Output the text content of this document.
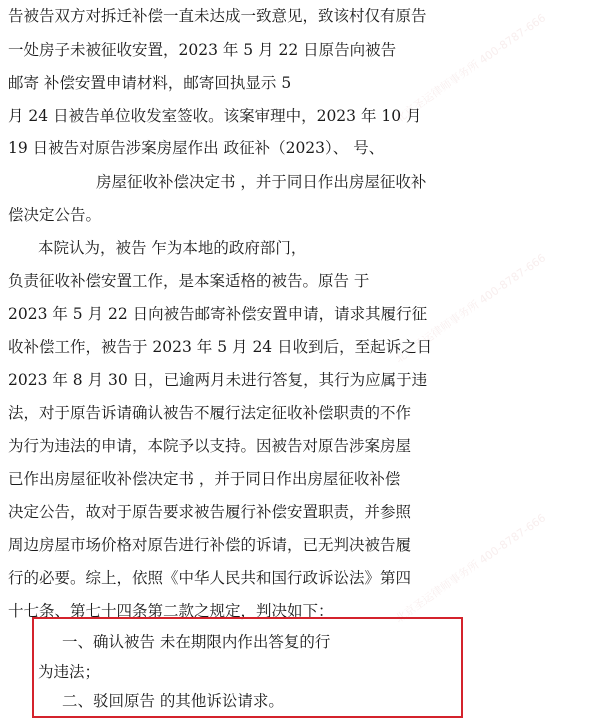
北京圣运律师事务所 400-8787-666
北京圣运律师事务所 400-8787-666
北京圣运律师事务所 400-8787-666
告被告双方对拆迁补偿一直未达成一致意见，致该村仅有原告
一处房子未被征收安置，2023 年 5 月 22 日原告向被告
邮寄 补偿安置申请材料，邮寄回执显示 5
月 24 日被告单位收发室签收。该案审理中，2023 年 10 月
19 日被告对原告涉案房屋作出 政征补（2023）、 号、
房屋征收补偿决定书 ，并于同日作出房屋征收补
偿决定公告。
本院认为，被告 乍为本地的政府部门，
负责征收补偿安置工作，是本案适格的被告。原告 于
2023 年 5 月 22 日向被告邮寄补偿安置申请，请求其履行征
收补偿工作，被告于 2023 年 5 月 24 日收到后，至起诉之日
2023 年 8 月 30 日，已逾两月未进行答复，其行为应属于违
法，对于原告诉请确认被告不履行法定征收补偿职责的不作
为行为违法的申请，本院予以支持。因被告对原告涉案房屋
已作出房屋征收补偿决定书 ，并于同日作出房屋征收补偿
决定公告，故对于原告要求被告履行补偿安置职责，并参照
周边房屋市场价格对原告进行补偿的诉请，已无判决被告履
行的必要。综上，依照《中华人民共和国行政诉讼法》第四
十七条、第七十四条第二款之规定，判决如下：
一、确认被告 未在期限内作出答复的行
为违法；
二、驳回原告 的其他诉讼请求。
